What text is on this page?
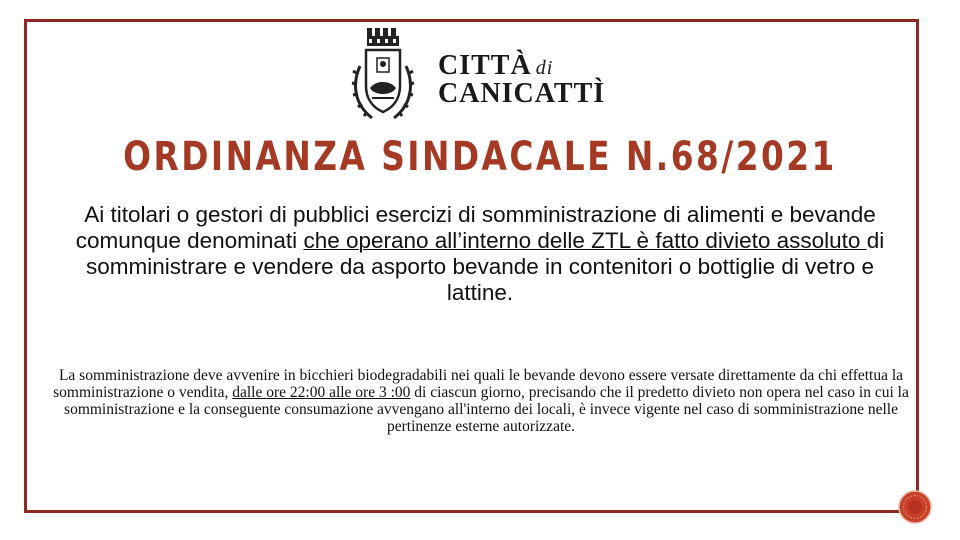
CITTÀ di
CANICATTÌ
ORDINANZA SINDACALE N.68/2021
Ai titolari o gestori di pubblici esercizi di somministrazione di alimenti e bevande comunque denominati che operano all’interno delle ZTL è fatto divieto assoluto di somministrare e vendere da asporto bevande in contenitori o bottiglie di vetro e lattine.
La somministrazione deve avvenire in bicchieri biodegradabili nei quali le bevande devono essere versate direttamente da chi effettua la somministrazione o vendita, dalle ore 22:00 alle ore 3 :00 di ciascun giorno, precisando che il predetto divieto non opera nel caso in cui la somministrazione e la conseguente consumazione avvengano all'interno dei locali, è invece vigente nel caso di somministrazione nelle pertinenze esterne autorizzate.
